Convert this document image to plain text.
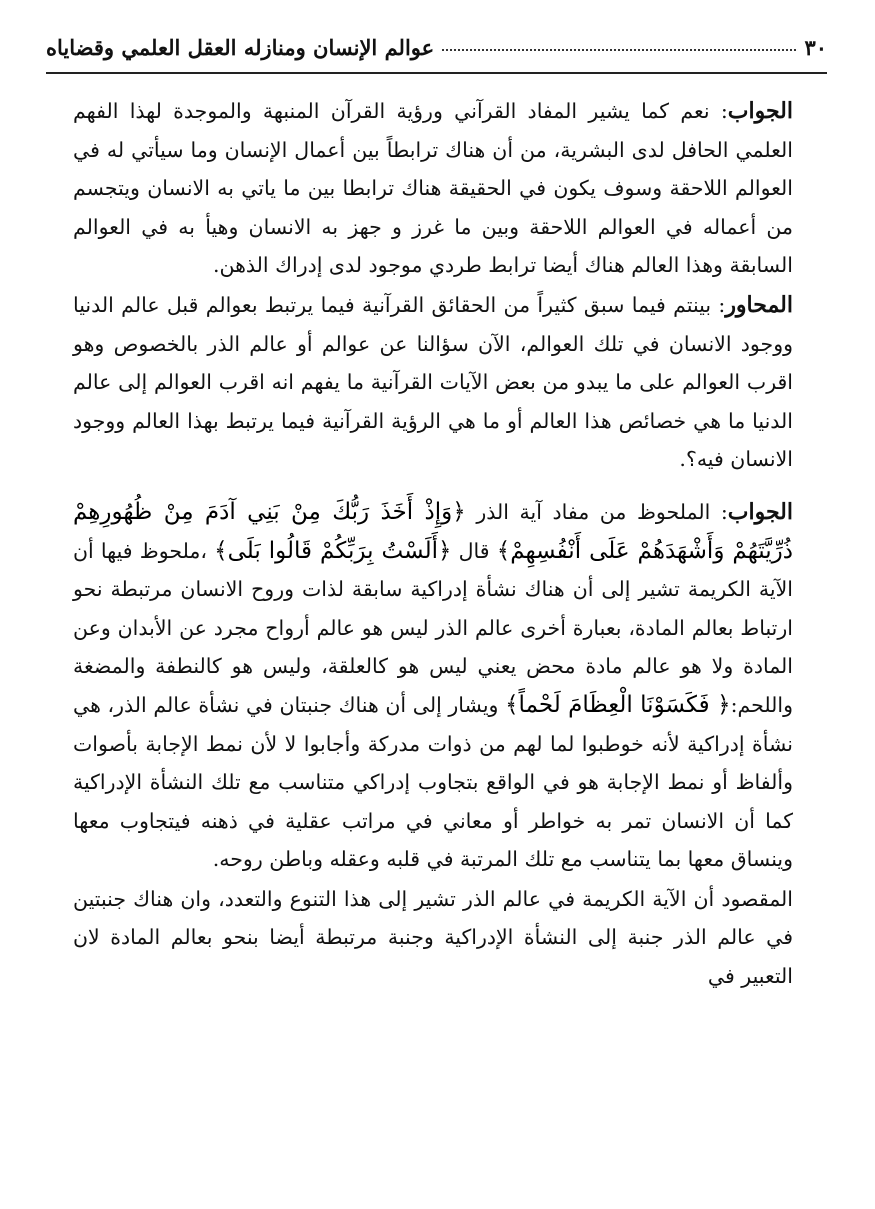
٣٠
عوالم الإنسان ومنازله العقل العلمي وقضاياه

الجواب: نعم كما يشير المفاد القرآني ورؤية القرآن المنبهة والموجدة لهذا الفهم العلمي الحافل لدى البشرية، من أن هناك ترابطاً بين أعمال الإنسان وما سيأتي له في العوالم اللاحقة وسوف يكون في الحقيقة هناك ترابطا بين ما ياتي به الانسان ويتجسم من أعماله في العوالم اللاحقة وبين ما غرز و جهز به الانسان وهيأ به في العوالم السابقة وهذا العالم هناك أيضا ترابط طردي موجود لدى إدراك الذهن.

المحاور: بينتم فيما سبق كثيراً من الحقائق القرآنية فيما يرتبط بعوالم قبل عالم الدنيا ووجود الانسان في تلك العوالم، الآن سؤالنا عن عوالم أو عالم الذر بالخصوص وهو اقرب العوالم على ما يبدو من بعض الآيات القرآنية ما يفهم انه اقرب العوالم إلى عالم الدنيا ما هي خصائص هذا العالم أو ما هي الرؤية القرآنية فيما يرتبط بهذا العالم ووجود الانسان فيه؟.

الجواب: الملحوظ من مفاد آية الذر ﴿وَإِذْ أَخَذَ رَبُّكَ مِنْ بَنِي آدَمَ مِنْ ظُهُورِهِمْ ذُرِّيَّتَهُمْ وَأَشْهَدَهُمْ عَلَى أَنْفُسِهِمْ﴾ قال ﴿أَلَسْتُ بِرَبِّكُمْ قَالُوا بَلَى﴾ ،ملحوظ فيها أن الآية الكريمة تشير إلى أن هناك نشأة إدراكية سابقة لذات وروح الانسان مرتبطة نحو ارتباط بعالم المادة، بعبارة أخرى عالم الذر ليس هو عالم أرواح مجرد عن الأبدان وعن المادة ولا هو عالم مادة محض يعني ليس هو كالعلقة، وليس هو كالنطفة والمضغة واللحم:﴿ فَكَسَوْنَا الْعِظَامَ لَحْماً﴾ ويشار إلى أن هناك جنبتان في نشأة عالم الذر، هي نشأة إدراكية لأنه خوطبوا لما لهم من ذوات مدركة وأجابوا لا لأن نمط الإجابة بأصوات وألفاظ أو نمط الإجابة هو في الواقع بتجاوب إدراكي متناسب مع تلك النشأة الإدراكية كما أن الانسان تمر به خواطر أو معاني في مراتب عقلية في ذهنه فيتجاوب معها وينساق معها بما يتناسب مع تلك المرتبة في قلبه وعقله وباطن روحه.

المقصود أن الآية الكريمة في عالم الذر تشير إلى هذا التنوع والتعدد، وان هناك جنبتين في عالم الذر جنبة إلى النشأة الإدراكية وجنبة مرتبطة أيضا بنحو بعالم المادة لان التعبير في
